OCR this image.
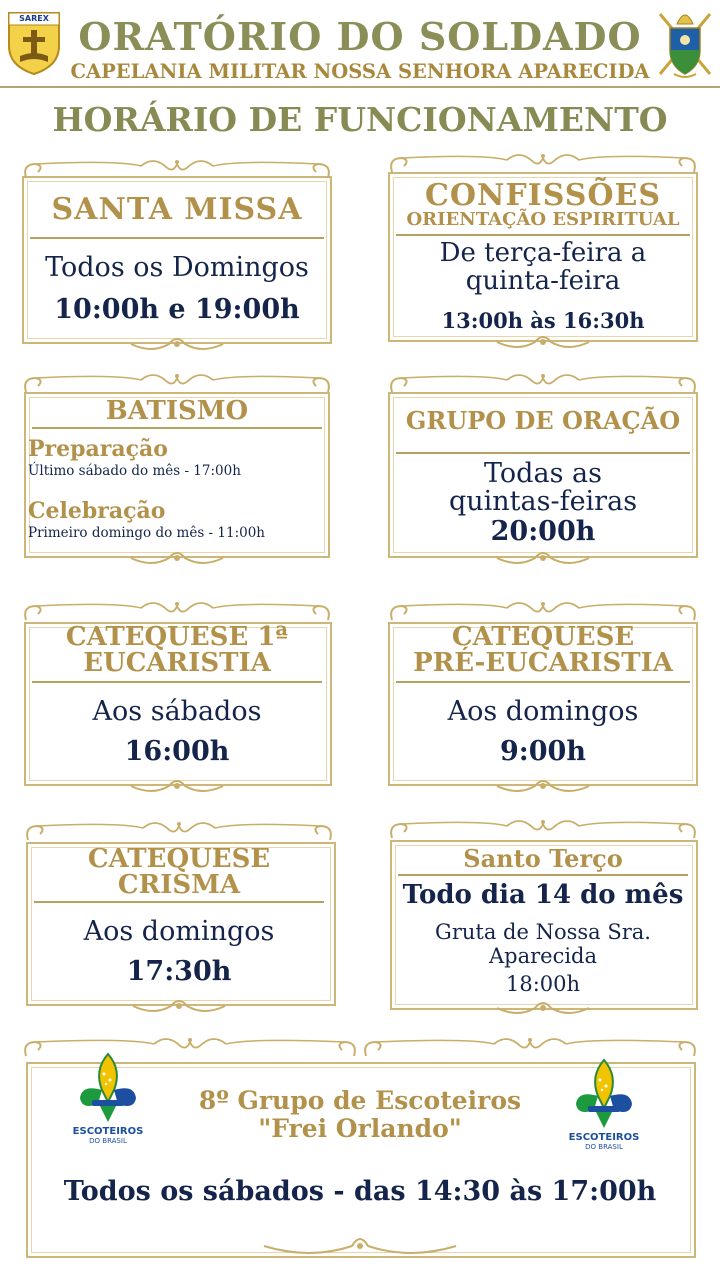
SAREX ORATÓRIO DO SOLDADO
CAPELANIA MILITAR NOSSA SENHORA APARECIDA
HORÁRIO DE FUNCIONAMENTO
SANTA MISSA
Todos os Domingos
10:00h e 19:00h
CONFISSÕES
ORIENTAÇÃO ESPIRITUAL
De terça-feira a
quinta-feira
13:00h às 16:30h
BATISMO
Preparação
Último sábado do mês - 17:00h
Celebração
Primeiro domingo do mês - 11:00h
GRUPO DE ORAÇÃO
Todas as
quintas-feiras
20:00h
CATEQUESE 1ª
EUCARISTIA
Aos sábados
16:00h
CATEQUESE
PRÉ-EUCARISTIA
Aos domingos
9:00h
CATEQUESE
CRISMA
Aos domingos
17:30h
Santo Terço
Todo dia 14 do mês
Gruta de Nossa Sra.
Aparecida
18:00h
ESCOTEIROS
DO BRASIL	ESCOTEIROS
DO BRASIL
8º Grupo de Escoteiros
"Frei Orlando"
Todos os sábados - das 14:30 às 17:00h
